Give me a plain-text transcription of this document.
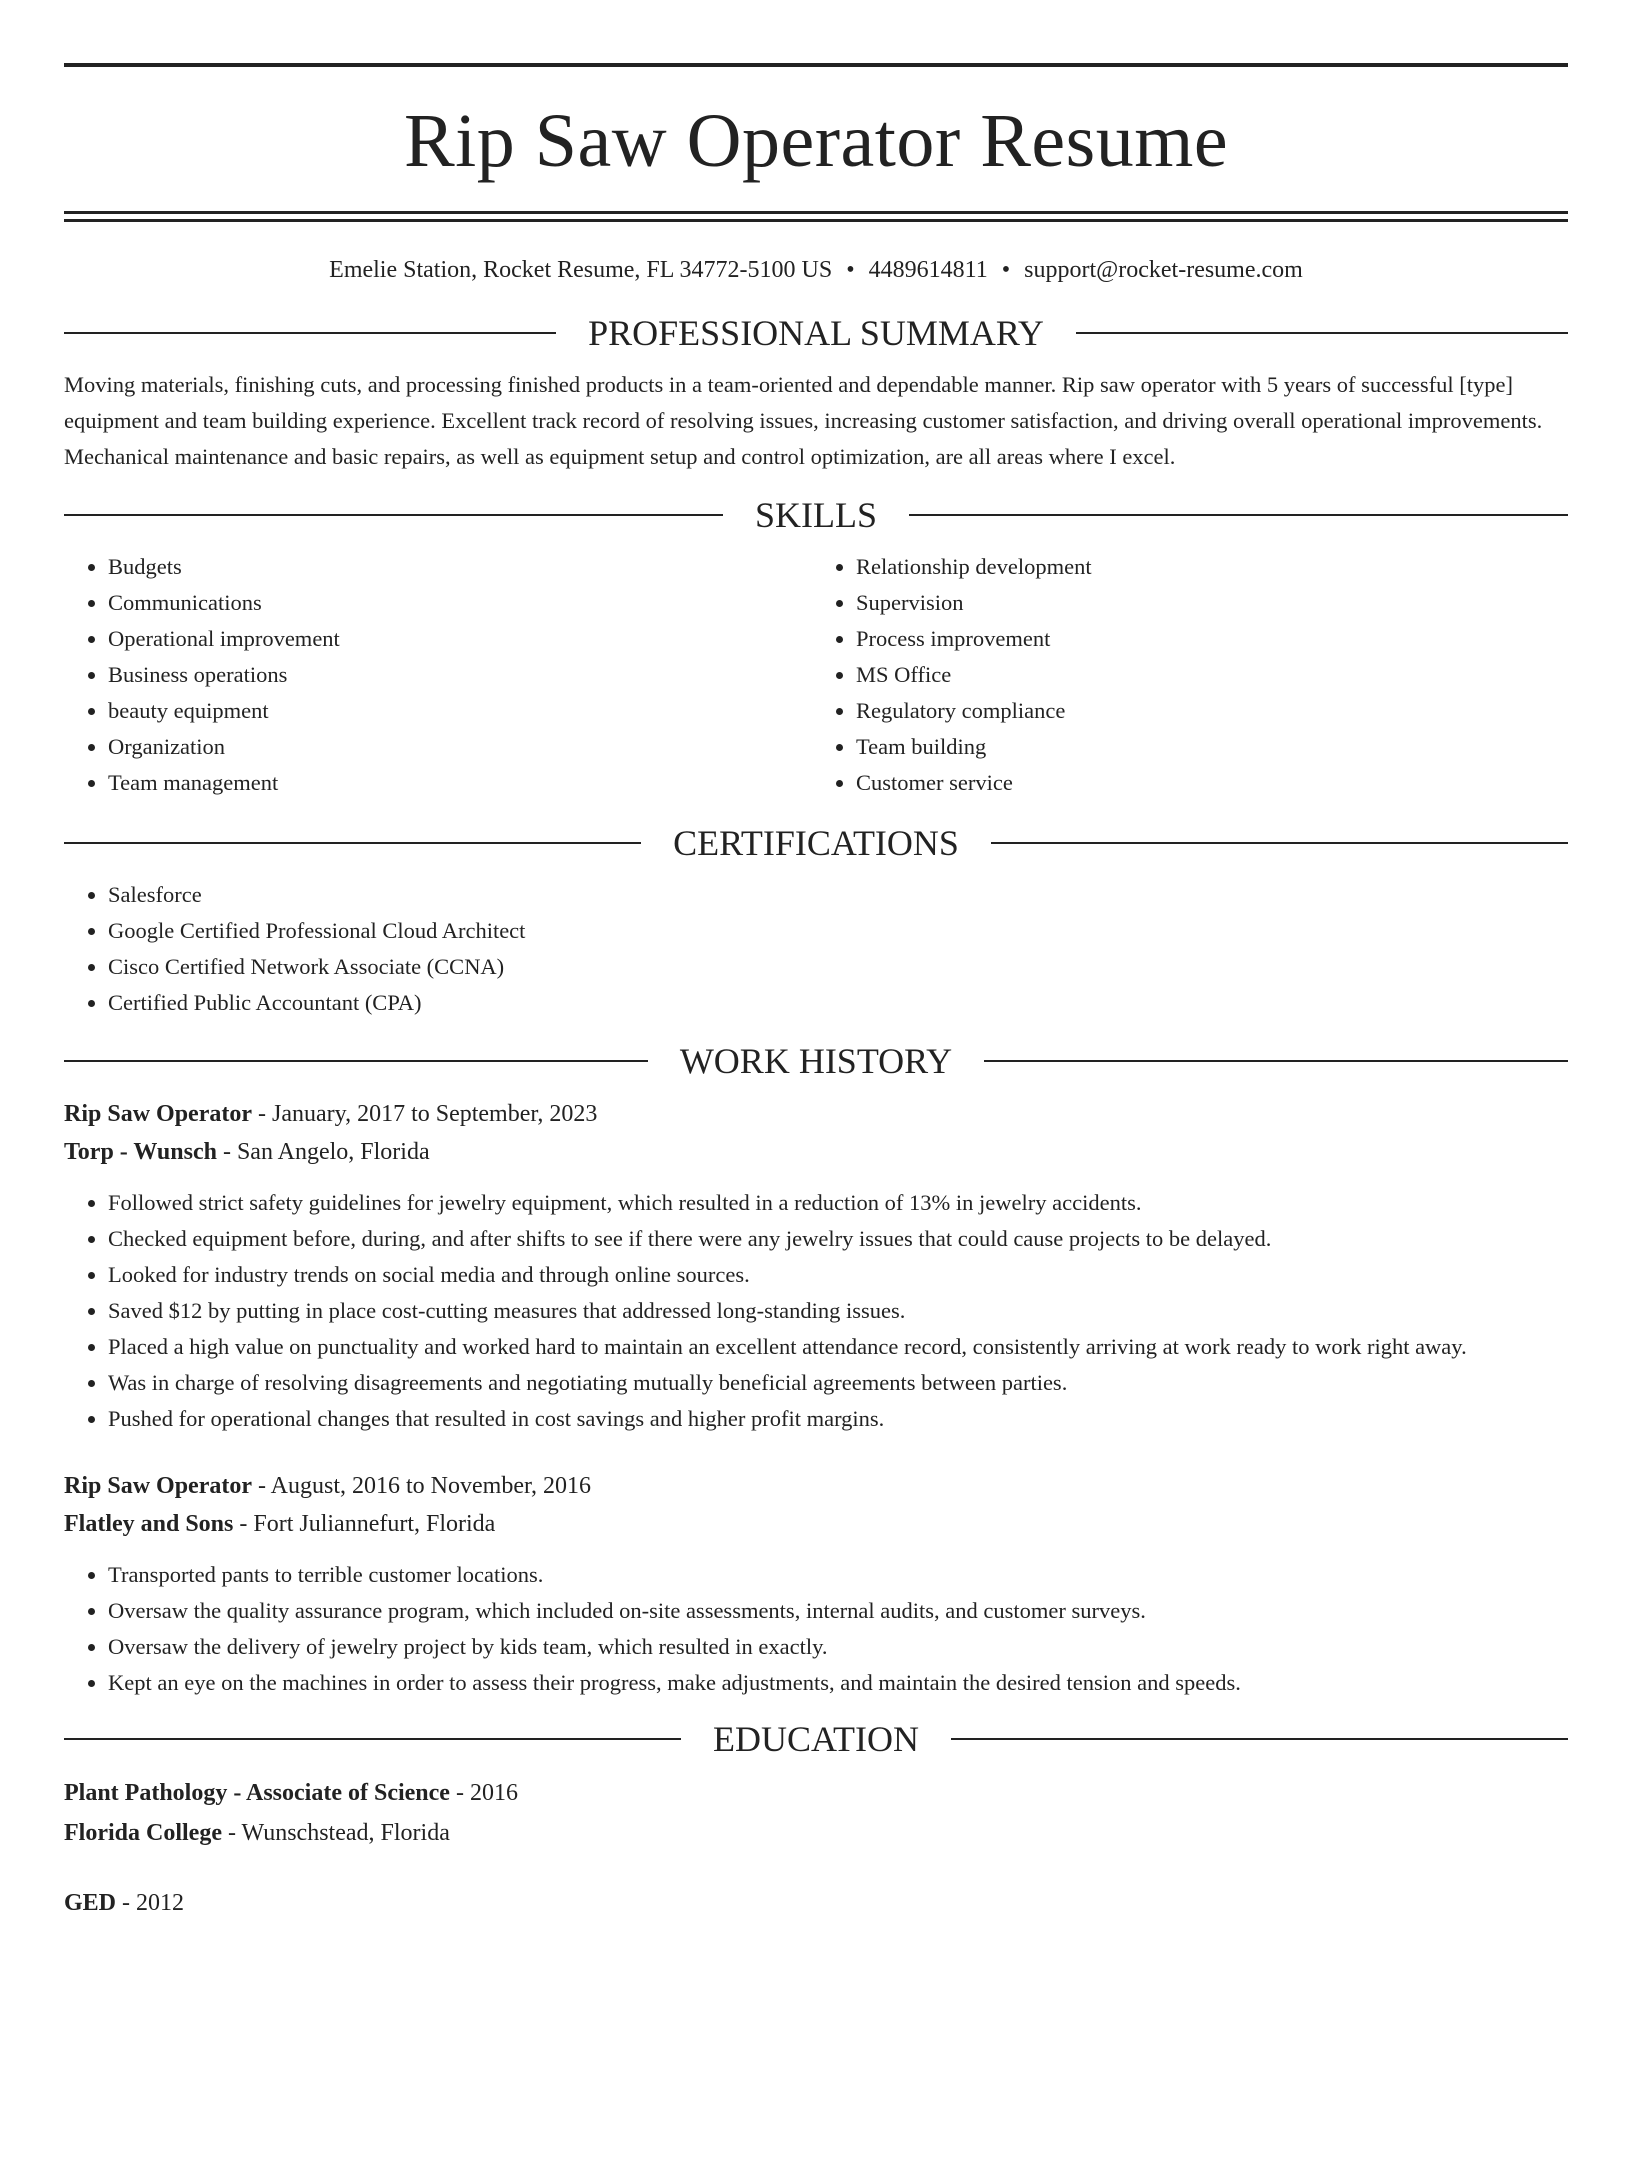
Rip Saw Operator Resume
Emelie Station, Rocket Resume, FL 34772-5100 US • 4489614811 • support@rocket-resume.com
PROFESSIONAL SUMMARY
Moving materials, finishing cuts, and processing finished products in a team-oriented and dependable manner. Rip saw operator with 5 years of successful [type] equipment and team building experience. Excellent track record of resolving issues, increasing customer satisfaction, and driving overall operational improvements. Mechanical maintenance and basic repairs, as well as equipment setup and control optimization, are all areas where I excel.
SKILLS
• Budgets
• Communications
• Operational improvement
• Business operations
• beauty equipment
• Organization
• Team management
• Relationship development
• Supervision
• Process improvement
• MS Office
• Regulatory compliance
• Team building
• Customer service
CERTIFICATIONS
• Salesforce
• Google Certified Professional Cloud Architect
• Cisco Certified Network Associate (CCNA)
• Certified Public Accountant (CPA)
WORK HISTORY
Rip Saw Operator - January, 2017 to September, 2023
Torp - Wunsch - San Angelo, Florida
• Followed strict safety guidelines for jewelry equipment, which resulted in a reduction of 13% in jewelry accidents.
• Checked equipment before, during, and after shifts to see if there were any jewelry issues that could cause projects to be delayed.
• Looked for industry trends on social media and through online sources.
• Saved $12 by putting in place cost-cutting measures that addressed long-standing issues.
• Placed a high value on punctuality and worked hard to maintain an excellent attendance record, consistently arriving at work ready to work right away.
• Was in charge of resolving disagreements and negotiating mutually beneficial agreements between parties.
• Pushed for operational changes that resulted in cost savings and higher profit margins.
Rip Saw Operator - August, 2016 to November, 2016
Flatley and Sons - Fort Juliannefurt, Florida
• Transported pants to terrible customer locations.
• Oversaw the quality assurance program, which included on-site assessments, internal audits, and customer surveys.
• Oversaw the delivery of jewelry project by kids team, which resulted in exactly.
• Kept an eye on the machines in order to assess their progress, make adjustments, and maintain the desired tension and speeds.
EDUCATION
Plant Pathology - Associate of Science - 2016
Florida College - Wunschstead, Florida
GED - 2012
